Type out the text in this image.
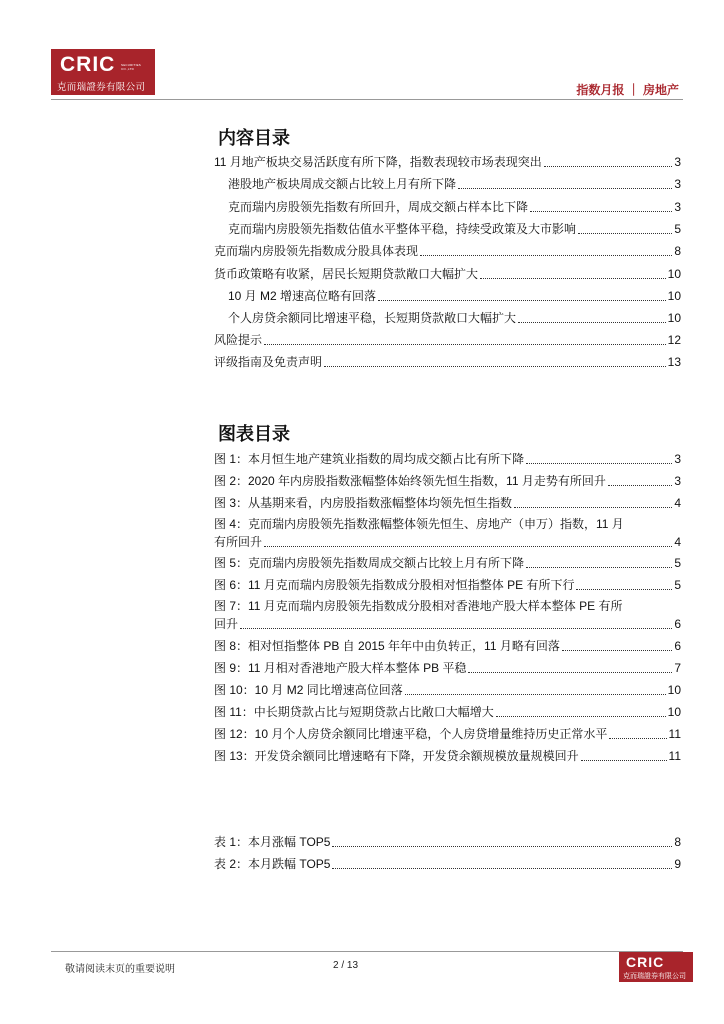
CRIC SECURITIES CO.,LTD
克而瑞證券有限公司	指数月报 ｜ 房地产
内容目录
11 月地产板块交易活跃度有所下降，指数表现较市场表现突出	3
港股地产板块周成交额占比较上月有所下降	3
克而瑞内房股领先指数有所回升，周成交额占样本比下降	3
克而瑞内房股领先指数估值水平整体平稳，持续受政策及大市影响	5
克而瑞内房股领先指数成分股具体表现	8
货币政策略有收紧，居民长短期贷款敞口大幅扩大	10
10 月 M2 增速高位略有回落	10
个人房贷余额同比增速平稳，长短期贷款敞口大幅扩大	10
风险提示	12
评级指南及免责声明	13
图表目录
图 1：本月恒生地产建筑业指数的周均成交额占比有所下降	3
图 2：2020 年内房股指数涨幅整体始终领先恒生指数，11 月走势有所回升	3
图 3：从基期来看，内房股指数涨幅整体均领先恒生指数	4
图 4：克而瑞内房股领先指数涨幅整体领先恒生、房地产（申万）指数，11 月
有所回升	4
图 5：克而瑞内房股领先指数周成交额占比较上月有所下降	5
图 6：11 月克而瑞内房股领先指数成分股相对恒指整体 PE 有所下行	5
图 7：11 月克而瑞内房股领先指数成分股相对香港地产股大样本整体 PE 有所
回升	6
图 8：相对恒指整体 PB 自 2015 年年中由负转正，11 月略有回落	6
图 9：11 月相对香港地产股大样本整体 PB 平稳	7
图 10：10 月 M2 同比增速高位回落	10
图 11：中长期贷款占比与短期贷款占比敞口大幅增大	10
图 12：10 月个人房贷余额同比增速平稳，个人房贷增量维持历史正常水平	11
图 13：开发贷余额同比增速略有下降，开发贷余额规模放量规模回升	11
表 1：本月涨幅 TOP5	8
表 2：本月跌幅 TOP5	9
敬请阅读末页的重要说明	2 / 13	CRIC
克而瑞證券有限公司
